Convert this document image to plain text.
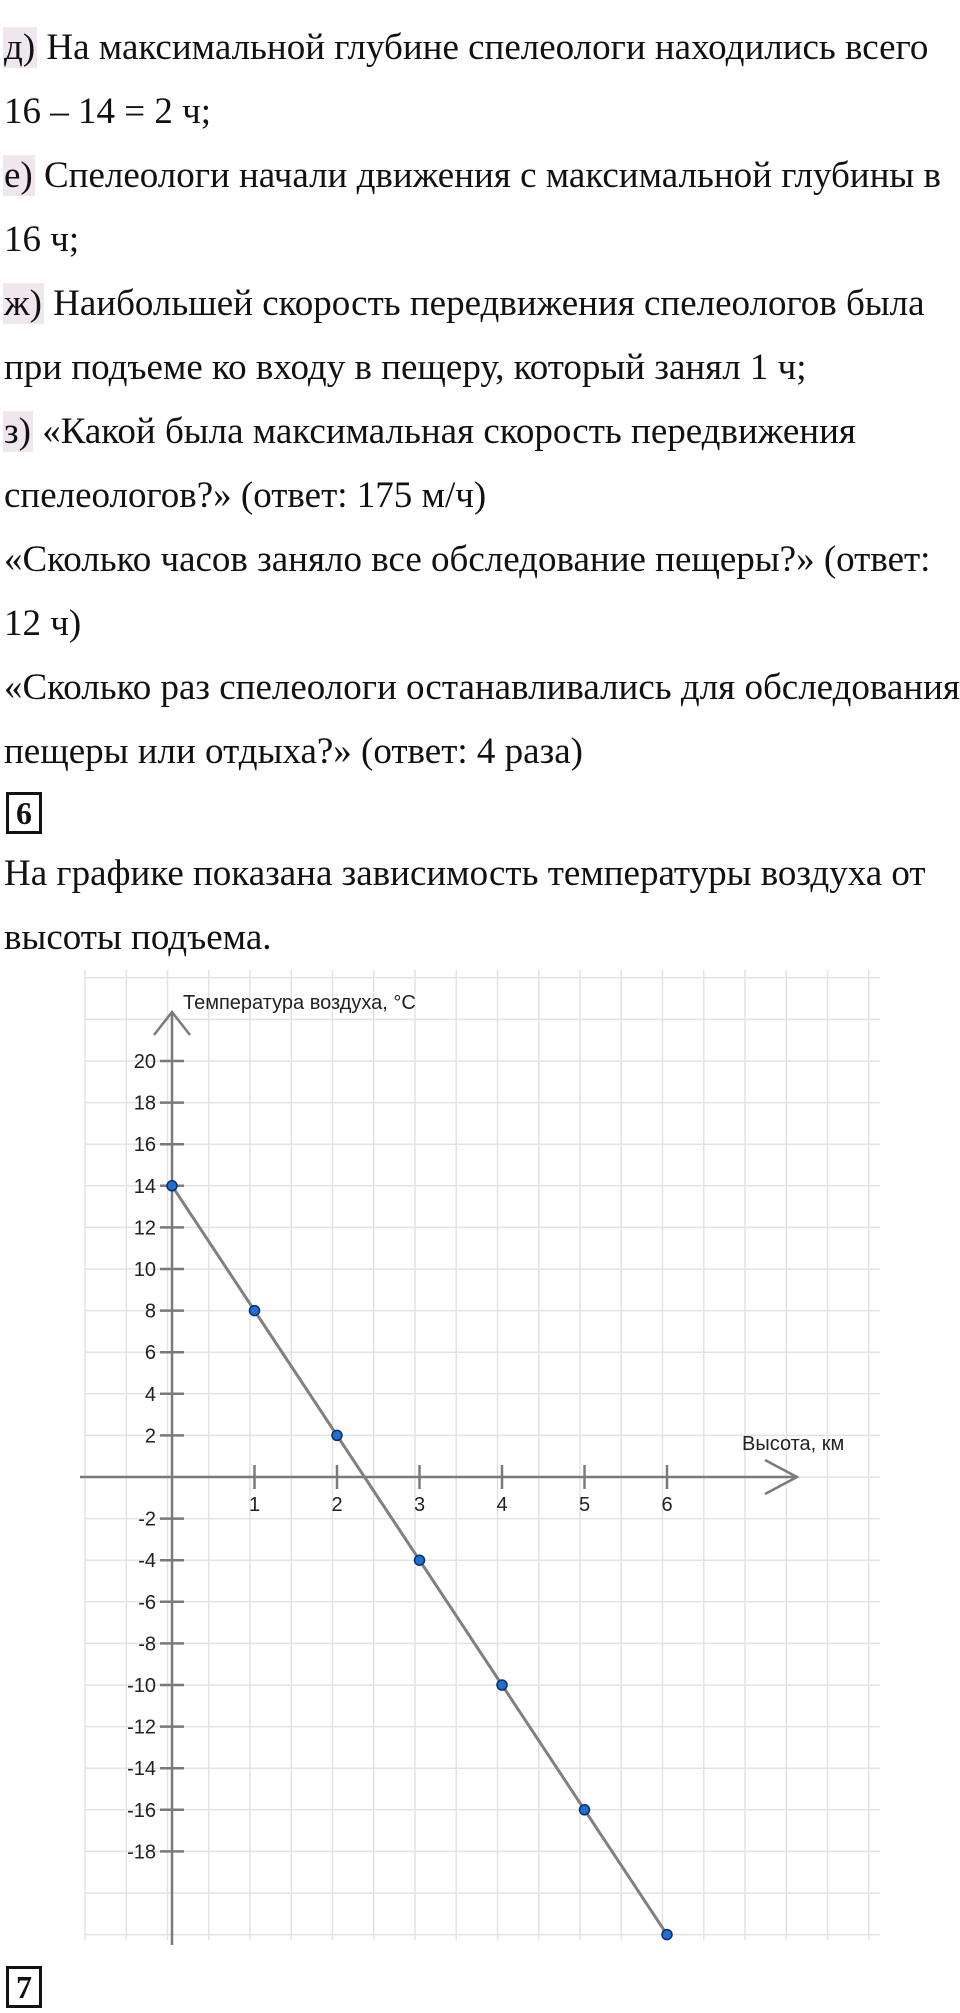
д) На максимальной глубине спелеологи находились всего

16 – 14 = 2 ч;

е) Спелеологи начали движения с максимальной глубины в

16 ч;

ж) Наибольшей скорость передвижения спелеологов была

при подъеме ко входу в пещеру, который занял 1 ч;

з) «Какой была максимальная скорость передвижения

спелеологов?» (ответ: 175 м/ч)

«Сколько часов заняло все обследование пещеры?» (ответ:

12 ч)

«Сколько раз спелеологи останавливались для обследования

пещеры или отдыха?» (ответ: 4 раза)

6

На графике показана зависимость температуры воздуха от

высоты подъема.

Температура воздуха, °С
Высота, км
20
18
16
14
12
10
8
6
4
2
-2
-4
-6
-8
-10
-12
-14
-16
-18
1	2	3	4	5	6
7
